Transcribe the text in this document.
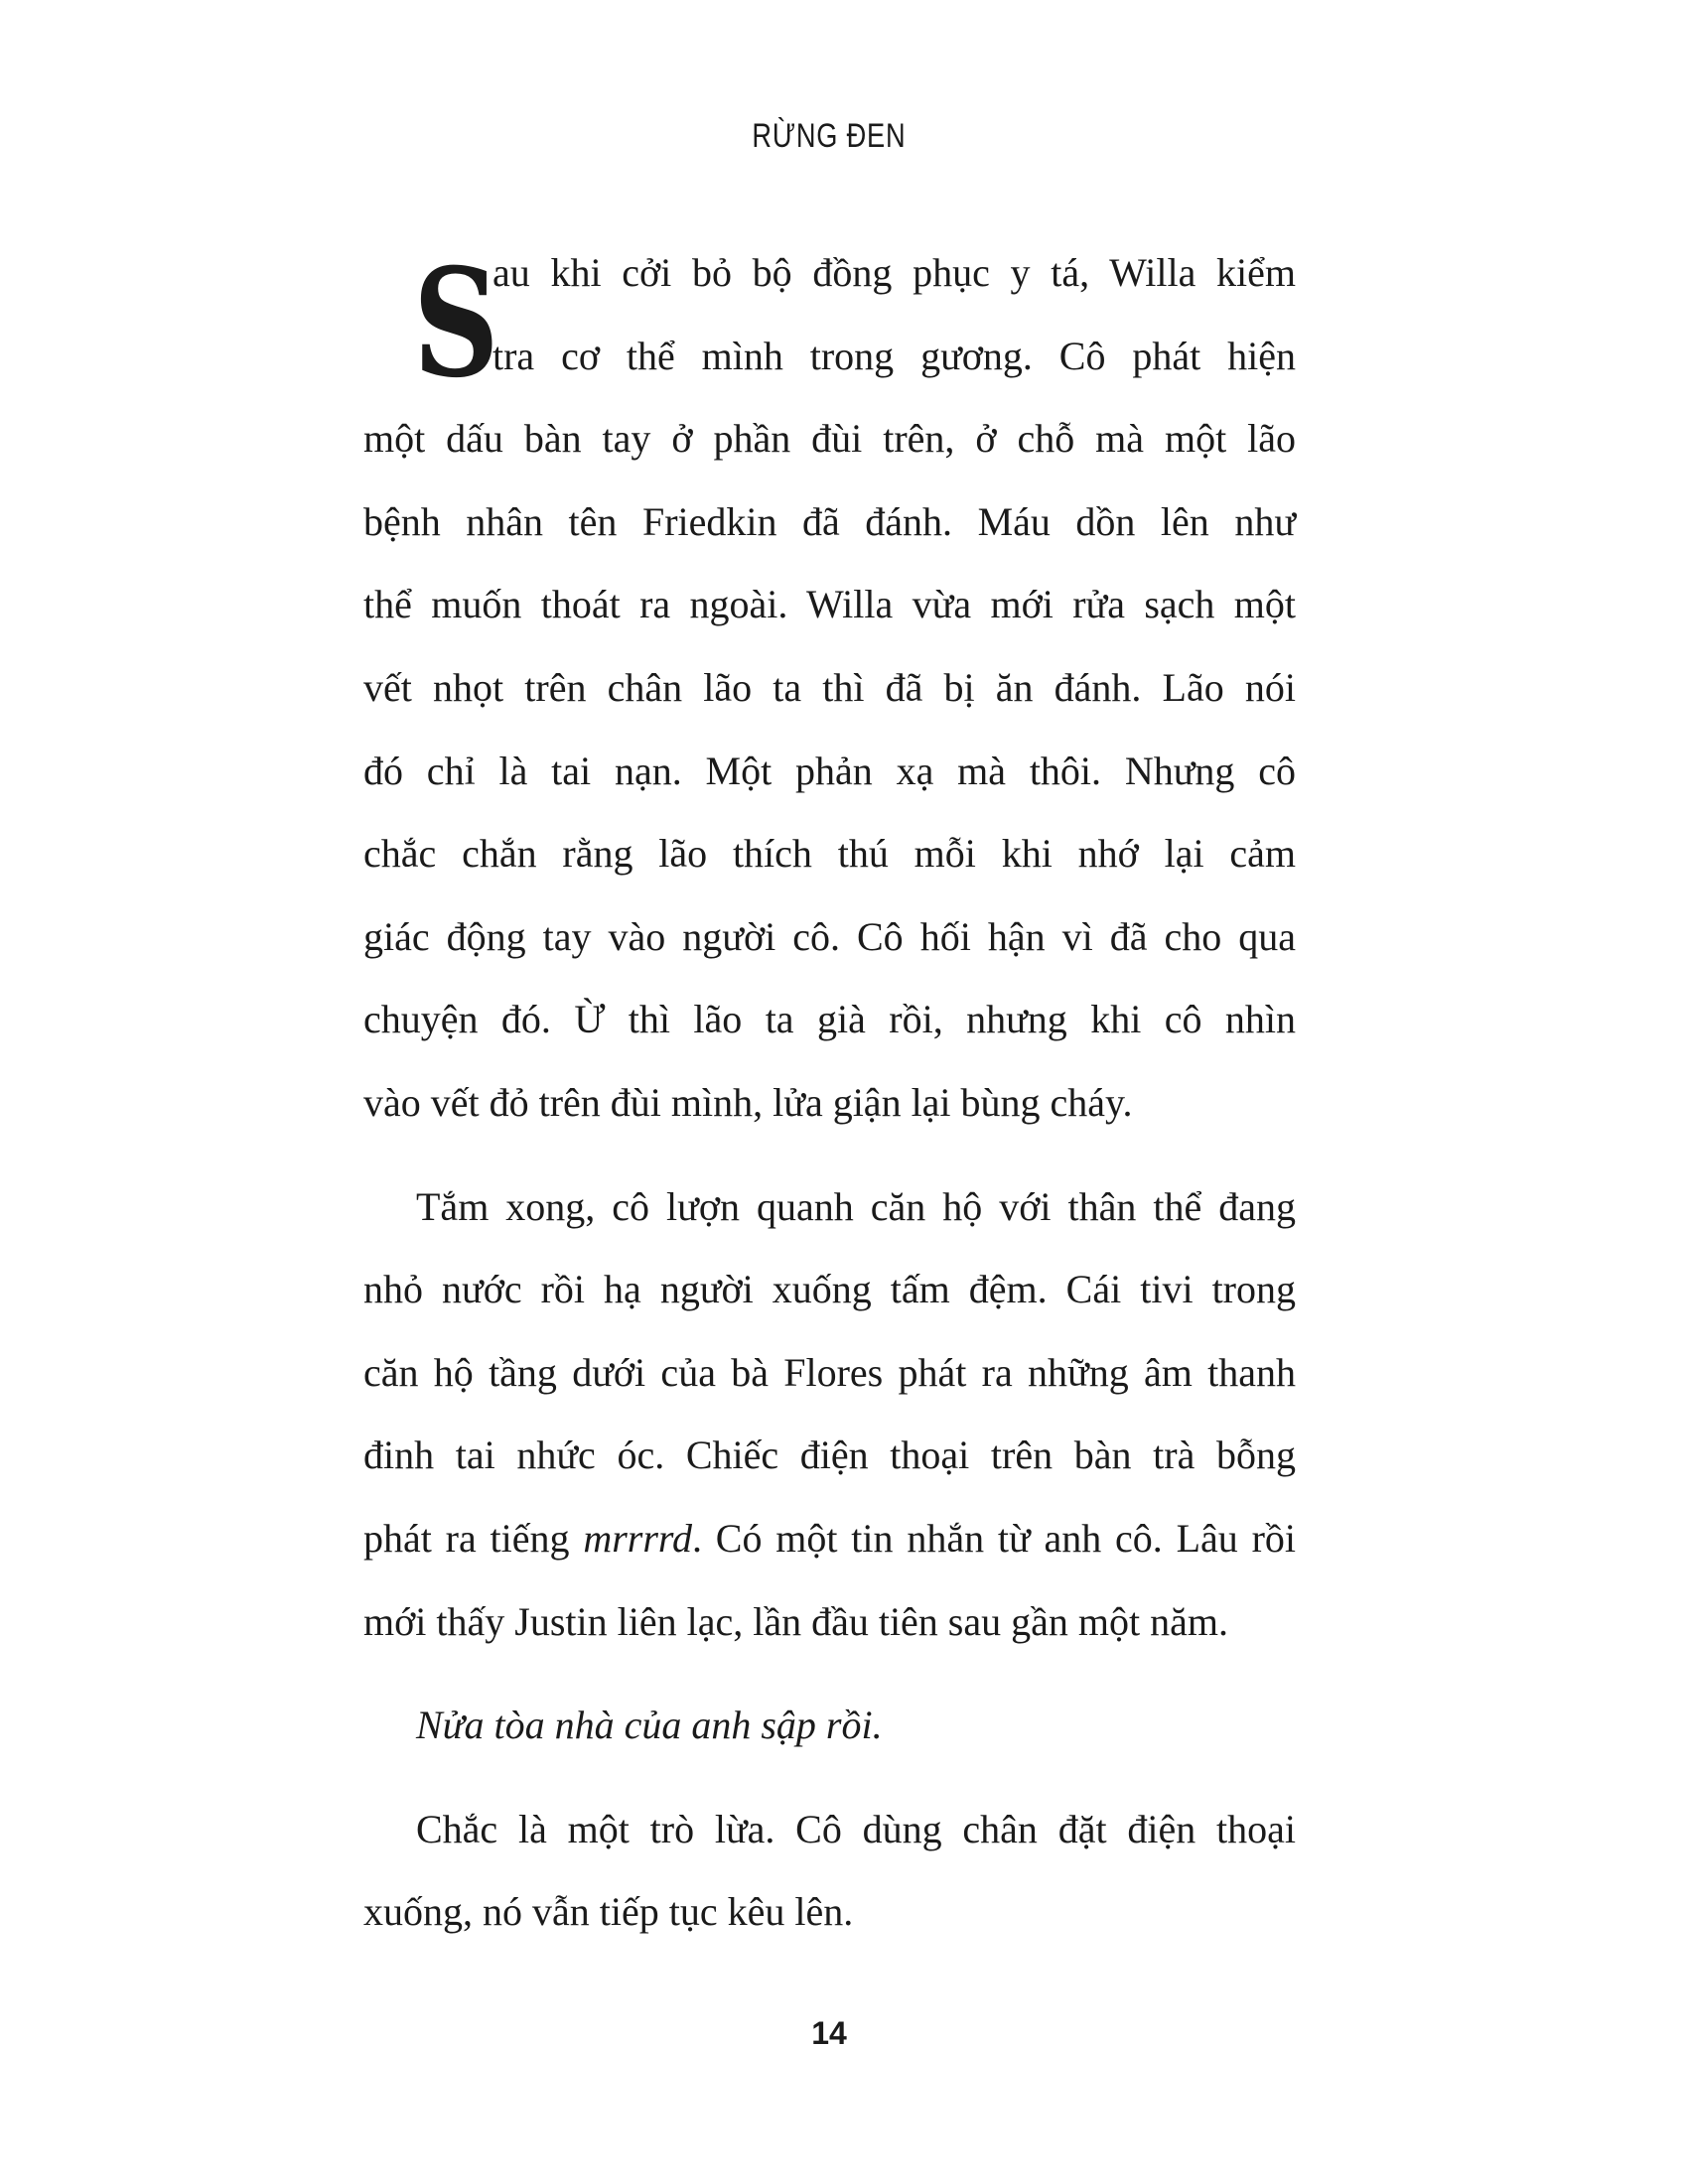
RỪNG ĐEN
S
au khi cởi bỏ bộ đồng phục y tá, Willa kiểm
tra cơ thể mình trong gương. Cô phát hiện
một dấu bàn tay ở phần đùi trên, ở chỗ mà một lão
bệnh nhân tên Friedkin đã đánh. Máu dồn lên như
thể muốn thoát ra ngoài. Willa vừa mới rửa sạch một
vết nhọt trên chân lão ta thì đã bị ăn đánh. Lão nói
đó chỉ là tai nạn. Một phản xạ mà thôi. Nhưng cô
chắc chắn rằng lão thích thú mỗi khi nhớ lại cảm
giác động tay vào người cô. Cô hối hận vì đã cho qua
chuyện đó. Ừ thì lão ta già rồi, nhưng khi cô nhìn
vào vết đỏ trên đùi mình, lửa giận lại bùng cháy.
Tắm xong, cô lượn quanh căn hộ với thân thể đang
nhỏ nước rồi hạ người xuống tấm đệm. Cái tivi trong
căn hộ tầng dưới của bà Flores phát ra những âm thanh
đinh tai nhức óc. Chiếc điện thoại trên bàn trà bỗng
phát ra tiếng mrrrrd. Có một tin nhắn từ anh cô. Lâu rồi
mới thấy Justin liên lạc, lần đầu tiên sau gần một năm.
Nửa tòa nhà của anh sập rồi.
Chắc là một trò lừa. Cô dùng chân đặt điện thoại
xuống, nó vẫn tiếp tục kêu lên.
14
